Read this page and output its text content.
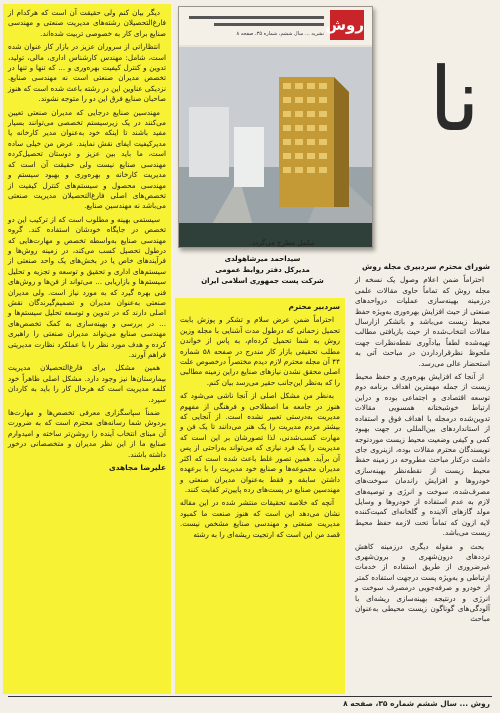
روش
نشریه ... سال ششم، شماره ۳۵، صفحه ۸
نا
مکمل مطرح می‌گردد.
سیداحمد میرشاهولدی
مدیرکل دفتر روابط عمومی
شرکت پست جمهوری اسلامی ایران

شورای محترم سردبیری مجله روش

احتراماً ضمن اعلام وصول یک نسخه از مجله روش که تماماً حاوی مقالات علمی درزمینه بهینه‌سازی عملیات درواحدهای صنعتی از حیث افزایش بهره‌وری به‌ویژه حفظ محیط زیست می‌باشد و باتشکر ازارسال مقالات انتخاب‌شده از حیث بازیافتی مطالب تهیه‌شده لطفاً بیاد‌آوری نقطه‌نظرات جهت ملحوظ نظرقرارداردن در مباحث آتی به استحضار عالی می‌رسد.

از آنجا که افزایش بهره‌وری و حفظ محیط زیست از جمله مهمترین اهداف برنامه دوم توسعه اقتصادی و اجتماعی بوده و دراین ارتباط خوشبختانه همسویی مقالات تدوین‌شده درمجله با اهداف فوق و استفاده از استانداردهای بین‌المللی در جهت بهبود کمی و کیفی وضعیت محیط زیست موردتوجه نویسندگان محترم مقالات بوده، ازینروی جای داشت درکنار مباحث مطروحه در زمینه حفظ محیط زیست از نقطه‌نظر بهینه‌سازی خودروها و افزایش راندمان سوخت‌های مصرف‌شده، سوخت و انرژی و توصیه‌های لازم به عدم استفاده از خودروها و وسایل مولد گازهای آلاینده و گلخانه‌ای کمیت‌کننده لایه ازون که تماماً تحت لازمه حفظ محیط زیست می‌باشد.

بحث و مقوله دیگری درزمینه کاهش تردد‌های درون‌شهری و برون‌شهری غیرضروری از طریق استفاده از خدمات ارتباطی و به‌ویژه پست درجهت استفاده کمتر از خودرو و صرفه‌جویی درمصرف سوخت و انرژی و درنتیجه بهینه‌سازی ریشه‌ای با آلودگی‌های گوناگون زیست محیطی به‌عنوان مباحث

سردبیر محترم

احتراماً ضمن عرض سلام و تشکر و پوزش بابت تحمیل زحماتی که درطول مدت آشنایی با مجله وزین روش به شما تحمیل کرده‌ام، به پاس از خواندن مطلب تحقیقی بازار کار مندرج در صفحه ۵۸ شماره ۴۴ آن مجله محترم لازم دیدم مختصراً درخصوص علت اصلی محقق نشدن نیازهای صنایع دراین زمینه مطالبی را که به‌نظر این‌جانب حقیر می‌رسد بیان کنم.

به‌نظر من مشکل اصلی از آنجا ناشی می‌شود که هنوز در جامعه ما اصطلاحی و فرهنگی از مفهوم مدیریت به‌درستی تعبیر نشده است. از آنجایی که بیشتر مردم مدیریت را یک هنر می‌دانند تا یک فن و مهارت کسب‌شدنی، لذا تصورشان بر این است که مدیریت را یک فرد نیازی که می‌تواند به‌راحتی از پس آن برآید. همین تصور غلط باعث شده است که اکثر مدیران مجموعه‌ها و صنایع خود مدیریت را با برعهده داشتن سابقه و فقط به‌عنوان مدیران صنعتی و مهندسین صنایع در پست‌های رده پایین‌تر کفایت کنند.

آنچه که خلاصه تحقیقات منتشر شده در این مقاله نشان می‌دهد این است که هنوز صنعت ما کمبود مدیریت صنعتی و مهندسی صنایع مشخص نیست. قصد من این است که ارتجیت ریشه‌ای را به رشته

دیگر بیان کنم ولی حقیقت آن است که هرکدام از فارغ‌التحصیلان رشته‌های مدیریت صنعتی و مهندسی صنایع برای کار به خصوصی تربیت شده‌اند.

انتظاراتی از سروران عزیز در بازار کار عنوان شده است، شامل: مهندس کارشناس اداری، مالی، تولید، تدوین و کنترل کیفیت بهره‌وری و ... که تنها و تنها در تخصص مدیران صنعتی است نه مهندسی صنایع. نزدیکی عناوین این در رشته باعث شده است که هنوز صاحبان صنایع فرق این دو را متوجه نشوند.

مهندسین صنایع درجایی که مدیران صنعتی تعیین می‌کنند در یک زیرسیستم تخصصی می‌توانند بسیار مفید باشند تا اینکه خود به‌عنوان مدیر کارخانه یا مدیرکیفیت ایفای نقش نمایند. عرض من خیلی ساده است، ما باید بین عزیز و دوستان تحصیل‌کرده مهندسی صنایع نیست ولی حقیقت آن است که مدیریت کارخانه و بهره‌وری و بهبود سیستم و مهندسی محصول و سیستم‌های کنترل کیفیت از تخصص‌های اصلی فارغ‌التحصیلان مدیریت صنعتی می‌باشد نه مهندسین صنایع.

سیستمی بهینه و مطلوب است که از ترکیب این دو تخصص در جایگاه خودشان استفاده کند. گروه مهندسی صنایع به‌واسطه تخصص و مهارت‌هایی که درطول تحصیل کسب می‌کند، در زمینه روش‌ها و فرآیندهای خاص یا در بخش‌های یک واحد صنعتی از سیستم‌های اداری و تحقیق و توسعه و تجزیه و تحلیل سیستم‌ها و بازاریابی ... می‌تواند از فن‌ها و روش‌های فنی بهره گیرد که به مورد نیاز است. ولی مدیران صنعتی به‌عنوان مدیران و تصمیم‌گیرندگان نقش اصلی دارند که در تدوین و توسعه تحلیل سیستم‌ها و ... در بررسی و بهینه‌سازی به کمک تخصص‌های مهندسی صنایع می‌تواند مدیران صنعتی را راهبری کرده و هدف مورد نظر را با عملکرد نظارت مدیریتی فراهم آورند.

همین مشکل برای فارغ‌التحصیلان مدیریت بیمارستان‌ها نیز وجود دارد. مشکل اصلی ظاهراً خود کلمه مدیریت است که هرحال کار را باید به کاردان سپرد.

ضمناً سپاسگزاری معرفی تخصص‌ها و مهارت‌ها بردوش شما رسانه‌های محترم است که به ضرورت آن مبنای انتخاب آینده را روشن‌تر ساخته و امیدوارم صنایع ما از این نظر مدیران و متخصصانی درخور داشته باشند.

علیرضا مجاهدی

روش ... سال ششم شماره ۳۵، صفحه ۸
